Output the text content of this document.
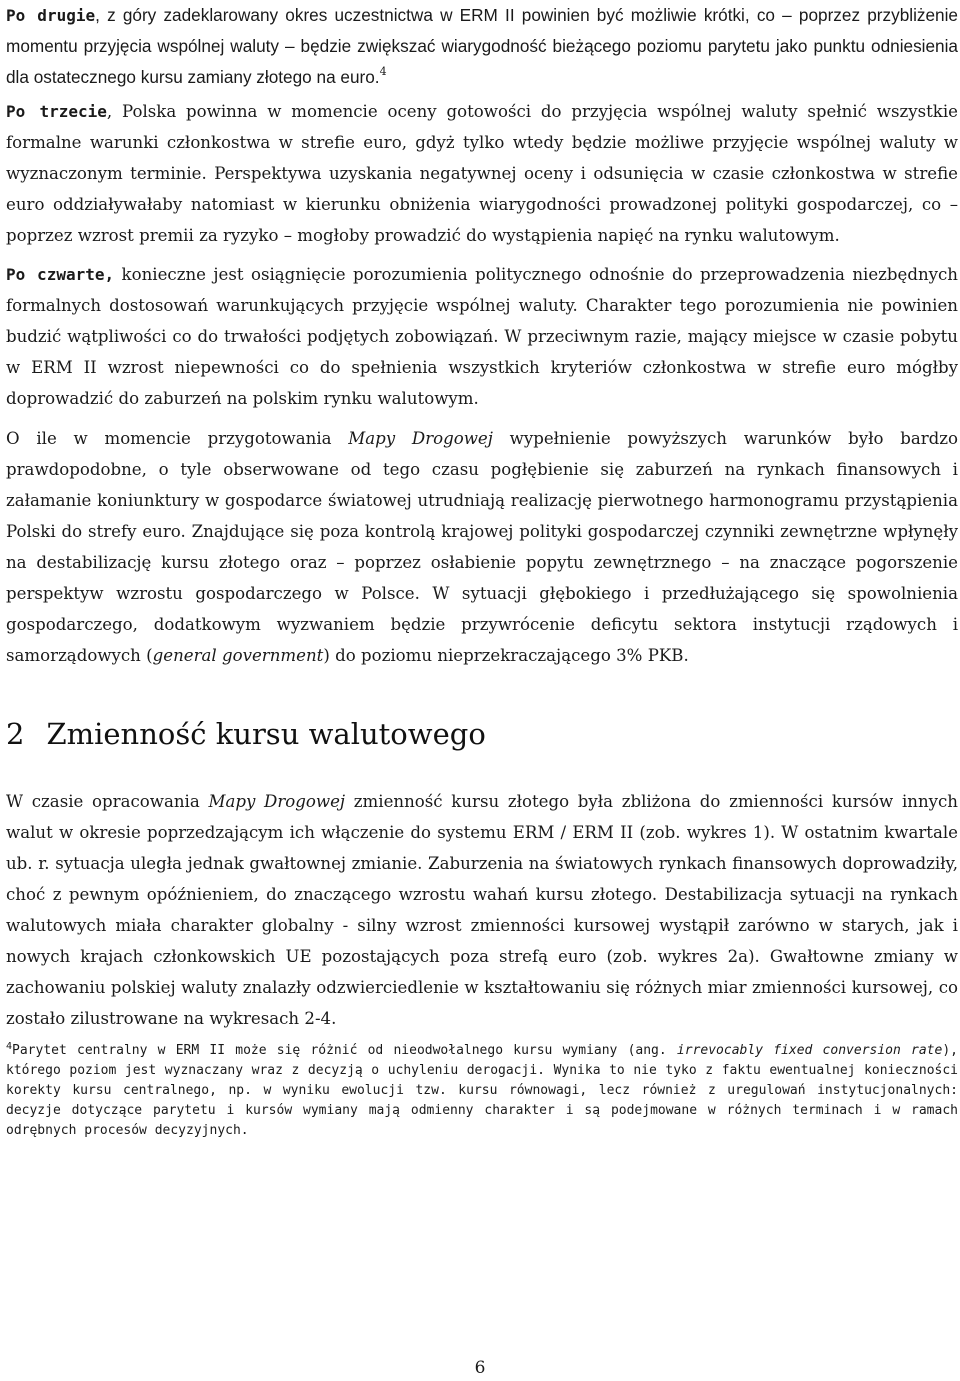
Po drugie, z góry zadeklarowany okres uczestnictwa w ERM II powinien być możliwie krótki, co – poprzez przybliżenie momentu przyjęcia wspólnej waluty – będzie zwiększać wiarygodność bieżącego poziomu parytetu jako punktu odniesienia dla ostatecznego kursu zamiany złotego na euro.$^4$

Po trzecie, Polska powinna w momencie oceny gotowości do przyjęcia wspólnej waluty spełnić wszystkie formalne warunki członkostwa w strefie euro, gdyż tylko wtedy będzie możliwe przyjęcie wspólnej waluty w wyznaczonym terminie. Perspektywa uzyskania negatywnej oceny i odsunięcia w czasie członkostwa w strefie euro oddziaływałaby natomiast w kierunku obniżenia wiarygodności prowadzonej polityki gospodarczej, co – poprzez wzrost premii za ryzyko – mogłoby prowadzić do wystąpienia napięć na rynku walutowym.

Po czwarte, konieczne jest osiągnięcie porozumienia politycznego odnośnie do przeprowadzenia niezbędnych formalnych dostosowań warunkujących przyjęcie wspólnej waluty. Charakter tego porozumienia nie powinien budzić wątpliwości co do trwałości podjętych zobowiązań. W przeciwnym razie, mający miejsce w czasie pobytu w ERM II wzrost niepewności co do spełnienia wszystkich kryteriów członkostwa w strefie euro mógłby doprowadzić do zaburzeń na polskim rynku walutowym.

O ile w momencie przygotowania Mapy Drogowej wypełnienie powyższych warunków było bardzo prawdopodobne, o tyle obserwowane od tego czasu pogłębienie się zaburzeń na rynkach finansowych i załamanie koniunktury w gospodarce światowej utrudniają realizację pierwotnego harmonogramu przystąpienia Polski do strefy euro. Znajdujące się poza kontrolą krajowej polityki gospodarczej czynniki zewnętrzne wpłynęły na destabilizację kursu złotego oraz – poprzez osłabienie popytu zewnętrznego – na znaczące pogorszenie perspektyw wzrostu gospodarczego w Polsce. W sytuacji głębokiego i przedłużającego się spowolnienia gospodarczego, dodatkowym wyzwaniem będzie przywrócenie deficytu sektora instytucji rządowych i samorządowych (general government) do poziomu nieprzekraczającego 3% PKB.

2 Zmienność kursu walutowego

W czasie opracowania Mapy Drogowej zmienność kursu złotego była zbliżona do zmienności kursów innych walut w okresie poprzedzającym ich włączenie do systemu ERM / ERM II (zob. wykres 1). W ostatnim kwartale ub. r. sytuacja uległa jednak gwałtownej zmianie. Zaburzenia na światowych rynkach finansowych doprowadziły, choć z pewnym opóźnieniem, do znaczącego wzrostu wahań kursu złotego. Destabilizacja sytuacji na rynkach walutowych miała charakter globalny - silny wzrost zmienności kursowej wystąpił zarówno w starych, jak i nowych krajach członkowskich UE pozostających poza strefą euro (zob. wykres 2a). Gwałtowne zmiany w zachowaniu polskiej waluty znalazły odzwierciedlenie w kształtowaniu się różnych miar zmienności kursowej, co zostało zilustrowane na wykresach 2-4.

$^4$Parytet centralny w ERM II może się różnić od nieodwołalnego kursu wymiany (ang. irrevocably fixed conversion rate), którego poziom jest wyznaczany wraz z decyzją o uchyleniu derogacji. Wynika to nie tyko z faktu ewentualnej konieczności korekty kursu centralnego, np. w wyniku ewolucji tzw. kursu równowagi, lecz również z uregulowań instytucjonalnych: decyzje dotyczące parytetu i kursów wymiany mają odmienny charakter i są podejmowane w różnych terminach i w ramach odrębnych procesów decyzyjnych.

6
